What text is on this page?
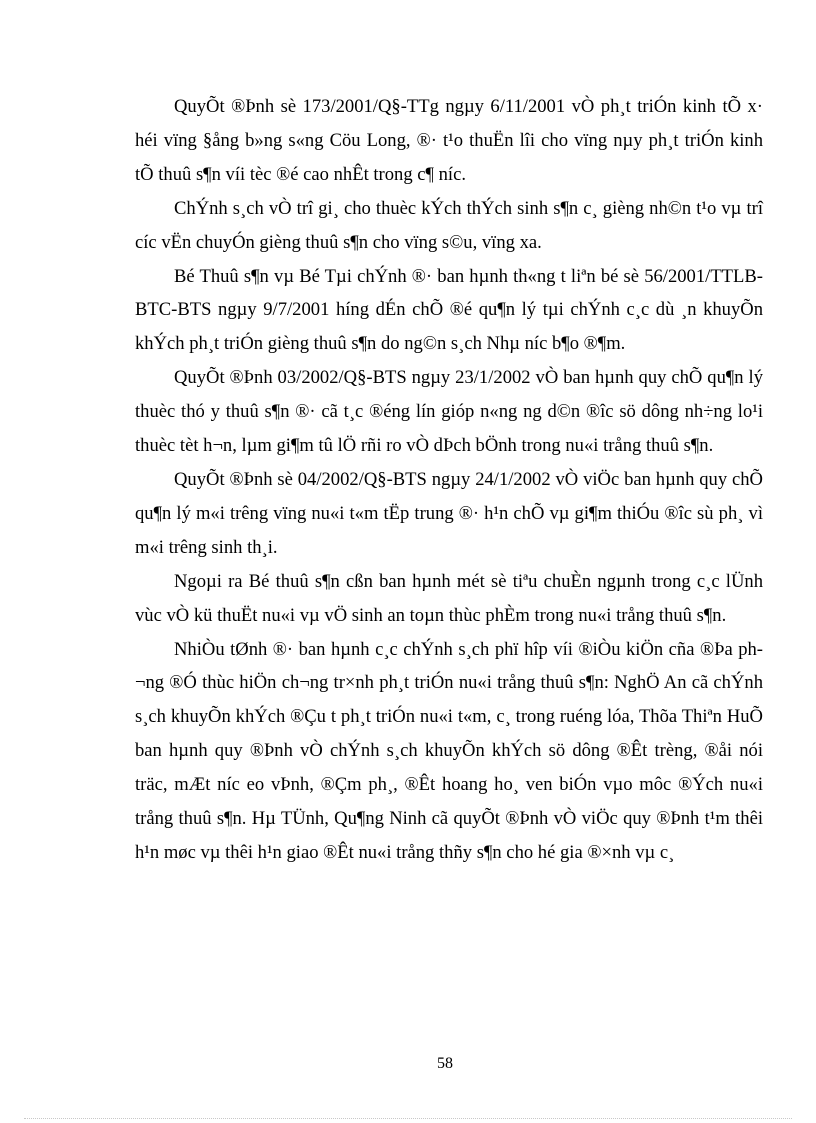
QuyÕt ®Þnh sè 173/2001/Q§-TTg ngµy 6/11/2001 vÒ ph¸t triÓn kinh tÕ x· héi vïng §ång b»ng s«ng Cöu Long, ®· t¹o thuËn lîi cho vïng nµy ph¸t triÓn kinh tÕ thuû s¶n víi tèc ®é cao nhÊt trong c¶ níc.

ChÝnh s¸ch vÒ trî gi¸ cho thuèc kÝch thÝch sinh s¶n c¸ gièng nh©n t¹o vµ trî cíc vËn chuyÓn gièng thuû s¶n cho vïng s©u, vïng xa.

Bé Thuû s¶n vµ Bé Tµi chÝnh ®· ban hµnh th«ng t liªn bé sè 56/2001/TTLB-BTC-BTS ngµy 9/7/2001 híng dÉn chÕ ®é qu¶n lý tµi chÝnh c¸c dù ¸n khuyÕn khÝch ph¸t triÓn gièng thuû s¶n do ng©n s¸ch Nhµ níc b¶o ®¶m.

QuyÕt ®Þnh 03/2002/Q§-BTS ngµy 23/1/2002 vÒ ban hµnh quy chÕ qu¶n lý thuèc thó y thuû s¶n ®· cã t¸c ®éng lín gióp n«ng ng d©n ®îc sö dông nh÷ng lo¹i thuèc tèt h¬n, lµm gi¶m tû lÖ rñi ro vÒ dÞch bÖnh trong nu«i trång thuû s¶n.

QuyÕt ®Þnh sè 04/2002/Q§-BTS ngµy 24/1/2002 vÒ viÖc ban hµnh quy chÕ qu¶n lý m«i trêng vïng nu«i t«m tËp trung ®· h¹n chÕ vµ gi¶m thiÓu ®îc sù ph¸ vì m«i trêng sinh th¸i.

Ngoµi ra Bé thuû s¶n cßn ban hµnh mét sè tiªu chuÈn ngµnh trong c¸c lÜnh vùc vÒ kü thuËt nu«i vµ vÖ sinh an toµn thùc phÈm trong nu«i trång thuû s¶n.

NhiÒu tØnh ®· ban hµnh c¸c chÝnh s¸ch phï hîp víi ®iÒu kiÖn cña ®Þa ph¬ng ®Ó thùc hiÖn ch¬ng tr×nh ph¸t triÓn nu«i trång thuû s¶n: NghÖ An cã chÝnh s¸ch khuyÕn khÝch ®Çu t ph¸t triÓn nu«i t«m, c¸ trong ruéng lóa, Thõa Thiªn HuÕ ban hµnh quy ®Þnh vÒ chÝnh s¸ch khuyÕn khÝch sö dông ®Êt trèng, ®åi nói träc, mÆt níc eo vÞnh, ®Çm ph¸, ®Êt hoang ho¸ ven biÓn vµo môc ®Ých nu«i trång thuû s¶n. Hµ TÜnh, Qu¶ng Ninh cã quyÕt ®Þnh vÒ viÖc quy ®Þnh t¹m thêi h¹n møc vµ thêi h¹n giao ®Êt nu«i trång thñy s¶n cho hé gia ®×nh vµ c¸

58
